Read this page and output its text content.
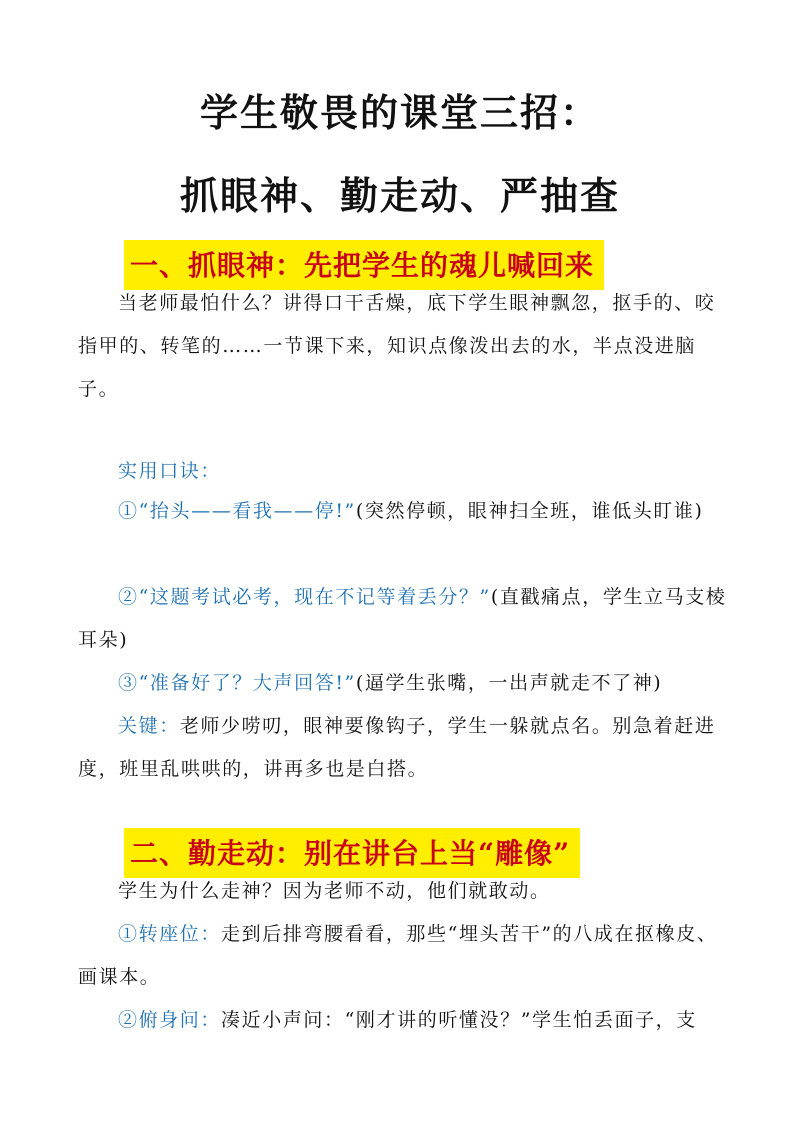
学生敬畏的课堂三招：
抓眼神、勤走动、严抽查
一、抓眼神：先把学生的魂儿喊回来
当老师最怕什么？讲得口干舌燥，底下学生眼神飘忽，抠手的、咬指甲的、转笔的……一节课下来，知识点像泼出去的水，半点没进脑子。
实用口诀：
①“抬头——看我——停!”(突然停顿，眼神扫全班，谁低头盯谁)
②“这题考试必考，现在不记等着丢分？”(直戳痛点，学生立马支棱耳朵)
③“准备好了？大声回答!”(逼学生张嘴，一出声就走不了神)
关键：老师少唠叨，眼神要像钩子，学生一躲就点名。别急着赶进度，班里乱哄哄的，讲再多也是白搭。
二、勤走动：别在讲台上当“雕像”
学生为什么走神？因为老师不动，他们就敢动。
①转座位：走到后排弯腰看看，那些“埋头苦干”的八成在抠橡皮、画课本。
②俯身问：凑近小声问：“刚才讲的听懂没？”学生怕丢面子，支
